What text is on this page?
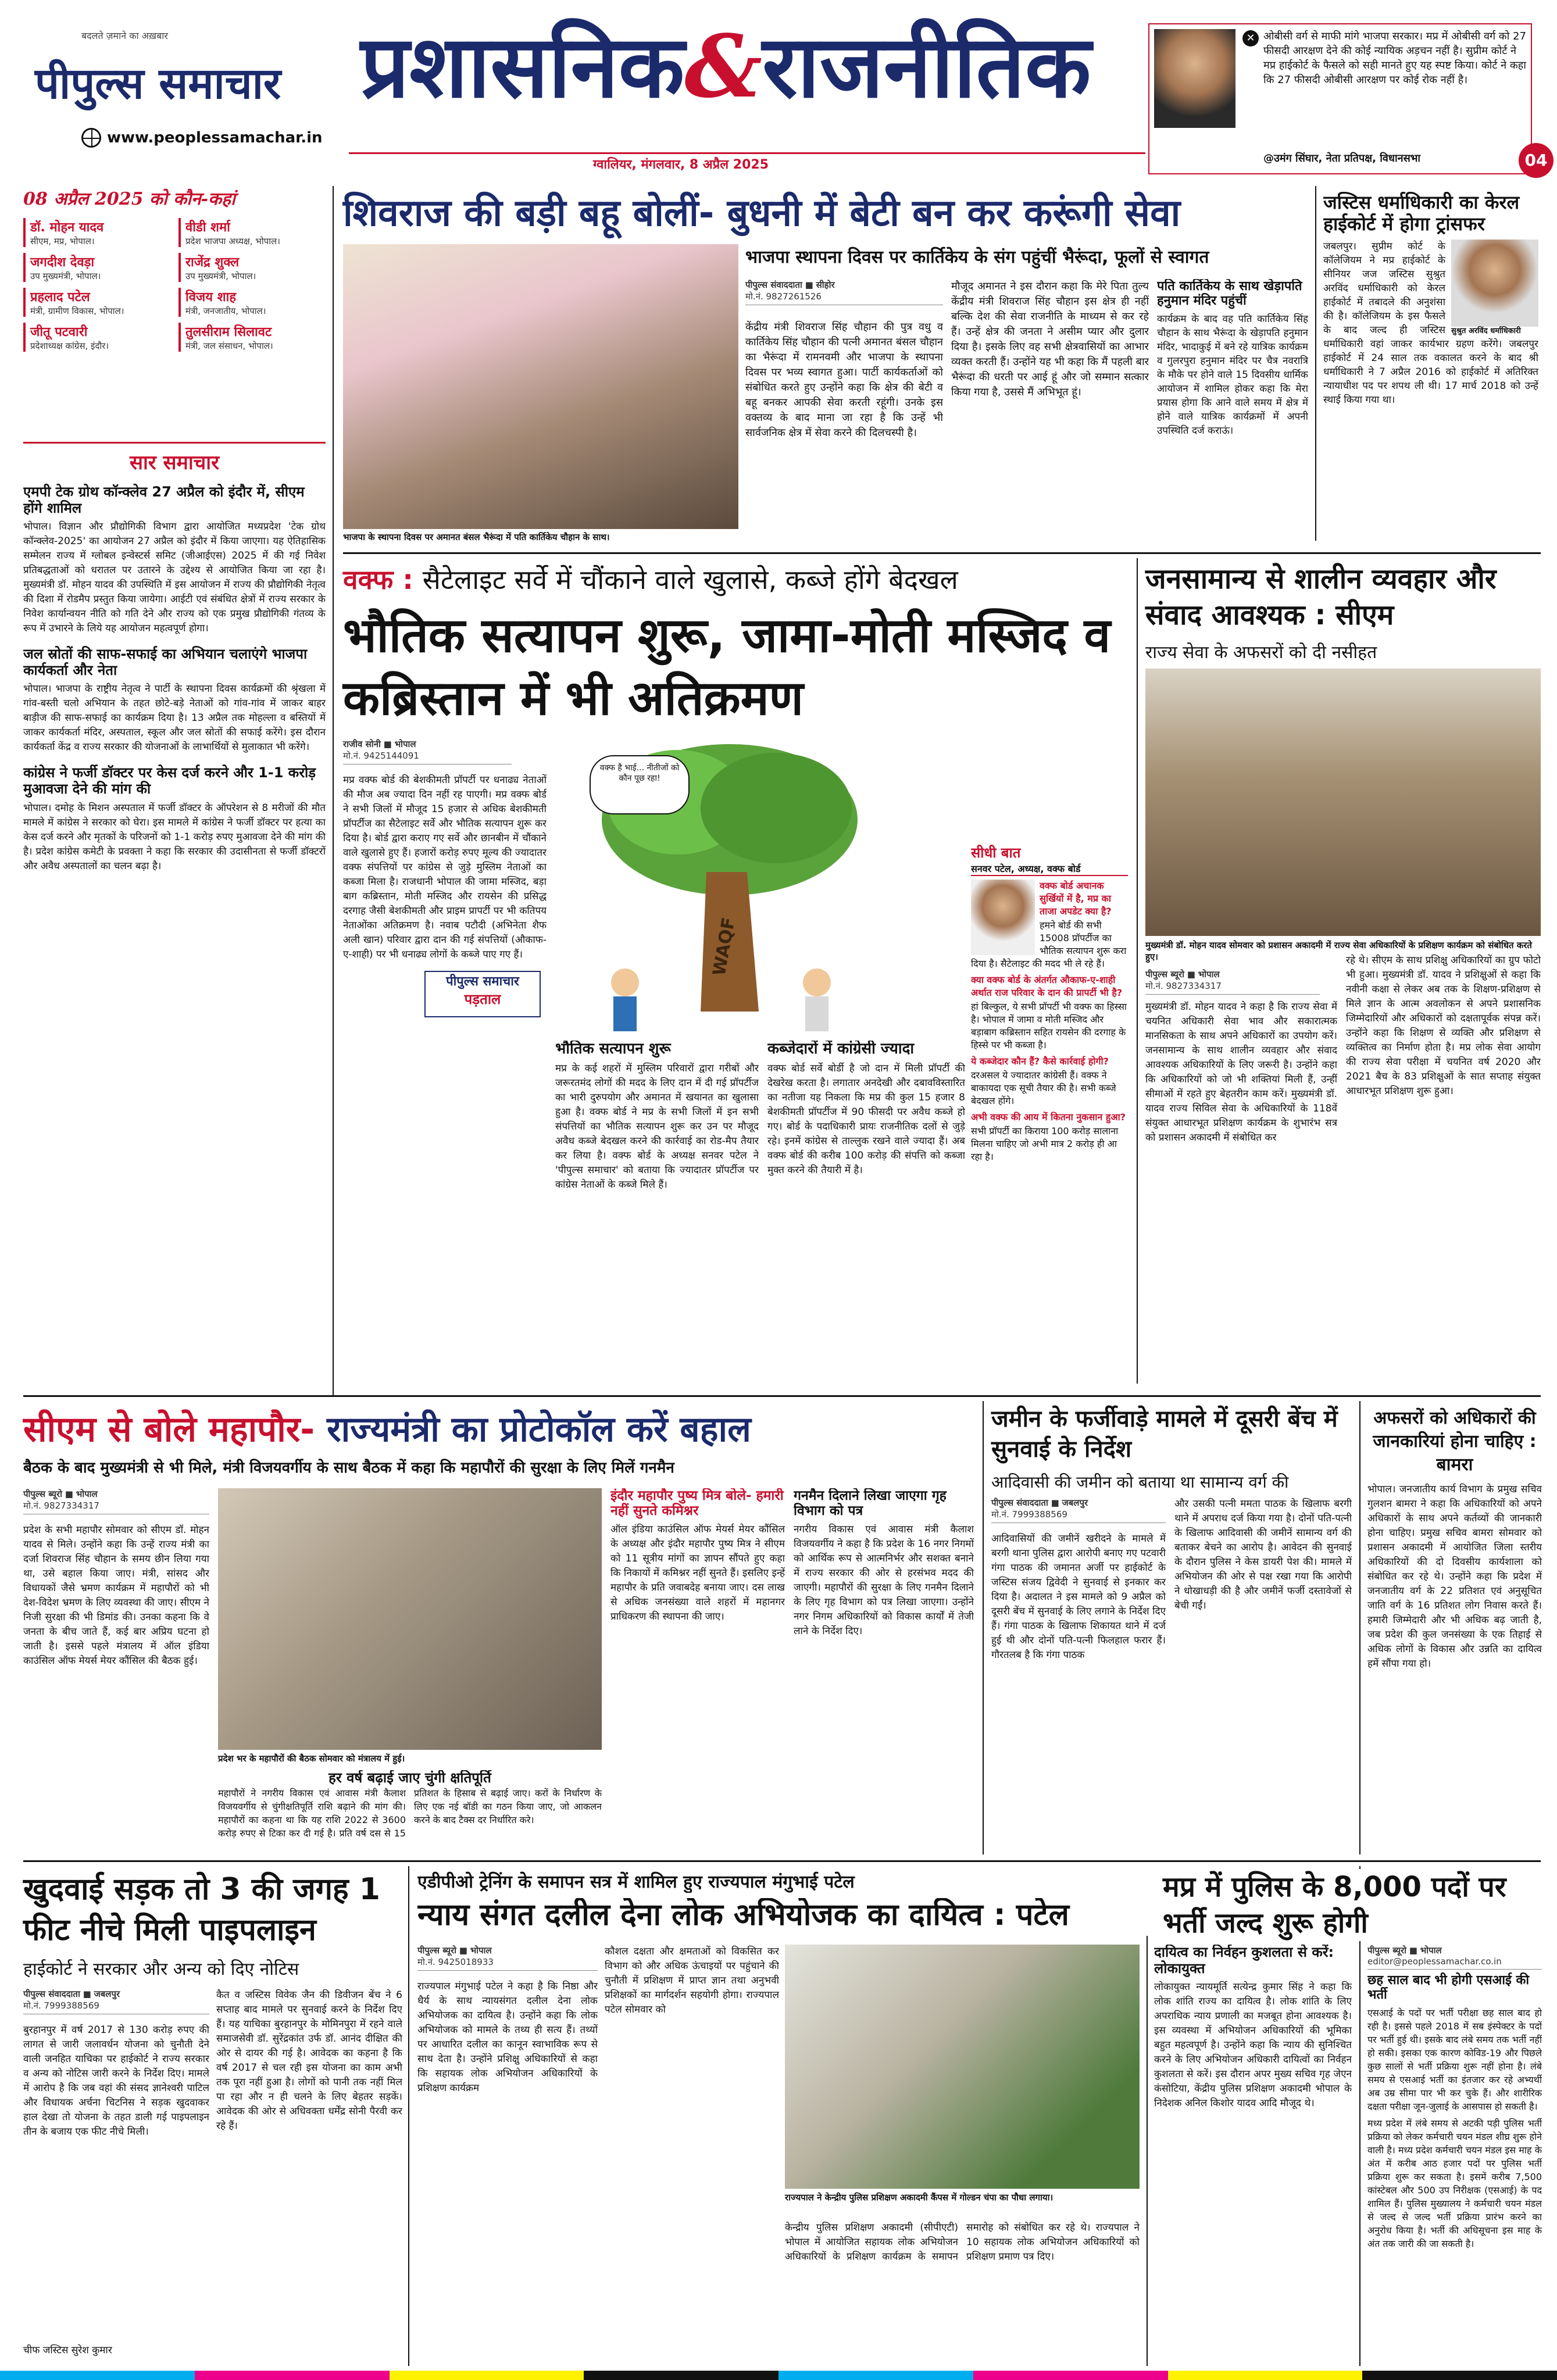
बदलते ज़माने का अख़बार
पीपुल्स समाचार
www.peoplessamachar.in
प्रशासनिक&राजनीतिक
ग्वालियर, मंगलवार, 8 अप्रैल 2025
✕ ओबीसी वर्ग से माफी मांगे भाजपा सरकार। मप्र में ओबीसी वर्ग को 27 फीसदी आरक्षण देने की कोई न्यायिक अड़चन नहीं है। सुप्रीम कोर्ट ने मप्र हाईकोर्ट के फैसले को सही मानते हुए यह स्पष्ट किया। कोर्ट ने कहा कि 27 फीसदी ओबीसी आरक्षण पर कोई रोक नहीं है।
@उमंग सिंघार, नेता प्रतिपक्ष, विधानसभा	04
08 अप्रैल 2025 को कौन-कहां
डॉ. मोहन यादव
सीएम, मप्र, भोपाल।
वीडी शर्मा
प्रदेश भाजपा अध्यक्ष, भोपाल।
जगदीश देवड़ा
उप मुख्यमंत्री, भोपाल।
राजेंद्र शुक्ल
उप मुख्यमंत्री, भोपाल।
प्रहलाद पटेल
मंत्री, ग्रामीण विकास, भोपाल।
विजय शाह
मंत्री, जनजातीय, भोपाल।
जीतू पटवारी
प्रदेशाध्यक्ष कांग्रेस, इंदौर।
तुलसीराम सिलावट
मंत्री, जल संसाधन, भोपाल।
सार समाचार
एमपी टेक ग्रोथ कॉन्क्लेव 27 अप्रैल को इंदौर में, सीएम होंगे शामिल
भोपाल। विज्ञान और प्रौद्योगिकी विभाग द्वारा आयोजित मध्यप्रदेश 'टेक ग्रोथ कॉन्क्लेव-2025' का आयोजन 27 अप्रैल को इंदौर में किया जाएगा। यह ऐतिहासिक सम्मेलन राज्य में ग्लोबल इन्वेस्टर्स समिट (जीआईएस) 2025 में की गई निवेश प्रतिबद्धताओं को धरातल पर उतारने के उद्देश्य से आयोजित किया जा रहा है। मुख्यमंत्री डॉ. मोहन यादव की उपस्थिति में इस आयोजन में राज्य की प्रौद्योगिकी नेतृत्व की दिशा में रोडमैप प्रस्तुत किया जायेगा। आईटी एवं संबंधित क्षेत्रों में राज्य सरकार के निवेश कार्यान्वयन नीति को गति देने और राज्य को एक प्रमुख प्रौद्योगिकी गंतव्य के रूप में उभारने के लिये यह आयोजन महत्वपूर्ण होगा।
जल स्रोतों की साफ-सफाई का अभियान चलाएंगे भाजपा कार्यकर्ता और नेता
भोपाल। भाजपा के राष्ट्रीय नेतृत्व ने पार्टी के स्थापना दिवस कार्यक्रमों की श्रृंखला में गांव-बस्ती चलो अभियान के तहत छोटे-बड़े नेताओं को गांव-गांव में जाकर बाहर बाड़ीज की साफ-सफाई का कार्यक्रम दिया है। 13 अप्रैल तक मोहल्ला व बस्तियों में जाकर कार्यकर्ता मंदिर, अस्पताल, स्कूल और जल स्रोतों की सफाई करेंगे। इस दौरान कार्यकर्ता केंद्र व राज्य सरकार की योजनाओं के लाभार्थियों से मुलाकात भी करेंगे।
कांग्रेस ने फर्जी डॉक्टर पर केस दर्ज करने और 1-1 करोड़ मुआवजा देने की मांग की
भोपाल। दमोह के मिशन अस्पताल में फर्जी डॉक्टर के ऑपरेशन से 8 मरीजों की मौत मामले में कांग्रेस ने सरकार को घेरा। इस मामले में कांग्रेस ने फर्जी डॉक्टर पर हत्या का केस दर्ज करने और मृतकों के परिजनों को 1-1 करोड़ रुपए मुआवजा देने की मांग की है। प्रदेश कांग्रेस कमेटी के प्रवक्ता ने कहा कि सरकार की उदासीनता से फर्जी डॉक्टरों और अवैध अस्पतालों का चलन बढ़ा है।
शिवराज की बड़ी बहू बोलीं- बुधनी में बेटी बन कर करूंगी सेवा
भाजपा के स्थापना दिवस पर अमानत बंसल भैरूंदा में पति कार्तिकेय चौहान के साथ।
भाजपा स्थापना दिवस पर कार्तिकेय के संग पहुंचीं भैरूंदा, फूलों से स्वागत
पीपुल्स संवाददाता ■ सीहोर
मो.नं. 9827261526
केंद्रीय मंत्री शिवराज सिंह चौहान की पुत्र वधु व कार्तिकेय सिंह चौहान की पत्नी अमानत बंसल चौहान का भैरूंदा में रामनवमी और भाजपा के स्थापना दिवस पर भव्य स्वागत हुआ। पार्टी कार्यकर्ताओं को संबोधित करते हुए उन्होंने कहा कि क्षेत्र की बेटी व बहू बनकर आपकी सेवा करती रहूंगी। उनके इस वक्तव्य के बाद माना जा रहा है कि उन्हें भी सार्वजनिक क्षेत्र में सेवा करने की दिलचस्पी है।
मौजूद अमानत ने इस दौरान कहा कि मेरे पिता तुल्य केंद्रीय मंत्री शिवराज सिंह चौहान इस क्षेत्र ही नहीं बल्कि देश की सेवा राजनीति के माध्यम से कर रहे हैं। उन्हें क्षेत्र की जनता ने असीम प्यार और दुलार दिया है। इसके लिए वह सभी क्षेत्रवासियों का आभार व्यक्त करती हैं। उन्होंने यह भी कहा कि मैं पहली बार भैरूंदा की धरती पर आई हूं और जो सम्मान सत्कार किया गया है, उससे मैं अभिभूत हूं।
पति कार्तिकेय के साथ खेड़ापति हनुमान मंदिर पहुंचीं
कार्यक्रम के बाद वह पति कार्तिकेय सिंह चौहान के साथ भैरूंदा के खेड़ापति हनुमान मंदिर, भादाकुई में बने रहे यात्रिक कार्यक्रम व गुलरपुरा हनुमान मंदिर पर चैत्र नवरात्रि के मौके पर होने वाले 15 दिवसीय धार्मिक आयोजन में शामिल होकर कहा कि मेरा प्रयास होगा कि आने वाले समय में क्षेत्र में होने वाले यात्रिक कार्यक्रमों में अपनी उपस्थिति दर्ज कराऊं।
जस्टिस धर्माधिकारी का केरल हाईकोर्ट में होगा ट्रांसफर
सुश्रुत अरविंद धर्माधिकारी
जबलपुर। सुप्रीम कोर्ट के कॉलेजियम ने मप्र हाईकोर्ट के सीनियर जज जस्टिस सुश्रुत अरविंद धर्माधिकारी को केरल हाईकोर्ट में तबादले की अनुशंसा की है। कॉलेजियम के इस फैसले के बाद जल्द ही जस्टिस धर्माधिकारी वहां जाकर कार्यभार ग्रहण करेंगे। जबलपुर हाईकोर्ट में 24 साल तक वकालत करने के बाद श्री धर्माधिकारी ने 7 अप्रैल 2016 को हाईकोर्ट में अतिरिक्त न्यायाधीश पद पर शपथ ली थी। 17 मार्च 2018 को उन्हें स्थाई किया गया था।
वक्फ : सैटेलाइट सर्वे में चौंकाने वाले खुलासे, कब्जे होंगे बेदखल
भौतिक सत्यापन शुरू, जामा-मोती मस्जिद व कब्रिस्तान में भी अतिक्रमण
राजीव सोनी ■ भोपाल
मो.नं. 9425144091
पीपुल्स समाचार
पड़ताल
मप्र वक्फ बोर्ड की बेशकीमती प्रॉपर्टी पर धनाढ्य नेताओं की मौज अब ज्यादा दिन नहीं रह पाएगी। मप्र वक्फ बोर्ड ने सभी जिलों में मौजूद 15 हजार से अधिक बेशकीमती प्रॉपर्टीज का सैटेलाइट सर्वे और भौतिक सत्यापन शुरू कर दिया है। बोर्ड द्वारा कराए गए सर्वे और छानबीन में चौंकाने वाले खुलासे हुए हैं। हजारों करोड़ रुपए मूल्य की ज्यादातर वक्फ संपत्तियों पर कांग्रेस से जुड़े मुस्लिम नेताओं का कब्जा मिला है। राजधानी भोपाल की जामा मस्जिद, बड़ा बाग कब्रिस्तान, मोती मस्जिद और रायसेन की प्रसिद्ध दरगाह जैसी बेशकीमती और प्राइम प्रापर्टी पर भी कतिपय नेताओंका अतिक्रमण है। नवाब पटौदी (अभिनेता शैफ अली खान) परिवार द्वारा दान की गई संपत्तियों (औकाफ-ए-शाही) पर भी धनाढ्य लोगों के कब्जे पाए गए हैं।	WAQF
वक्फ है भाई... नीतीजों को कौन पूछ रहा!
भौतिक सत्यापन शुरू
मप्र के कई शहरों में मुस्लिम परिवारों द्वारा गरीबों और जरूरतमंद लोगों की मदद के लिए दान में दी गई प्रॉपर्टीज का भारी दुरुपयोग और अमानत में खयानत का खुलासा हुआ है। वक्फ बोर्ड ने मप्र के सभी जिलों में इन सभी संपत्तियों का भौतिक सत्यापन शुरू कर उन पर मौजूद अवैध कब्जे बेदखल करने की कार्रवाई का रोड-मैप तैयार कर लिया है। वक्फ बोर्ड के अध्यक्ष सनवर पटेल ने 'पीपुल्स समाचार' को बताया कि ज्यादातर प्रॉपर्टीज पर कांग्रेस नेताओं के कब्जे मिले हैं।
कब्जेदारों में कांग्रेसी ज्यादा
वक्फ बोर्ड सर्वे बोर्डी है जो दान में मिली प्रॉपर्टी की देखरेख करता है। लगातार अनदेखी और दबावविस्तारित का नतीजा यह निकला कि मप्र की कुल 15 हजार 8 बेशकीमती प्रॉपर्टीज में 90 फीसदी पर अवैध कब्जे हो गए। बोर्ड के पदाधिकारी प्रायः राजनीतिक दलों से जुड़े रहे। इनमें कांग्रेस से ताल्लुक रखने वाले ज्यादा हैं। अब वक्फ बोर्ड की करीब 100 करोड़ की संपत्ति को कब्जा मुक्त करने की तैयारी में है।
सीधी बात
सनवर पटेल, अध्यक्ष, वक्फ बोर्ड
वक्फ बोर्ड अचानक सुर्खियों में है, मप्र का ताजा अपडेट क्या है?
हमने बोर्ड की सभी 15008 प्रॉपर्टीज का भौतिक सत्यापन शुरू करा दिया है। सैटेलाइट की मदद भी ले रहे हैं।
क्या वक्फ बोर्ड के अंतर्गत औकाफ-ए-शाही अर्थात राज परिवार के दान की प्रापर्टी भी है?
हां बिल्कुल, ये सभी प्रॉपर्टी भी वक्फ का हिस्सा है। भोपाल में जामा व मोती मस्जिद और बड़ाबाग कब्रिस्तान सहित रायसेन की दरगाह के हिस्से पर भी कब्जा है।
ये कब्जेदार कौन हैं? कैसे कार्रवाई होगी?
दरअसल ये ज्यादातर कांग्रेसी हैं। वक्फ ने बाकायदा एक सूची तैयार की है। सभी कब्जे बेदखल होंगे।
अभी वक्फ की आय में कितना नुकसान हुआ?
सभी प्रॉपर्टी का किराया 100 करोड़ सालाना मिलना चाहिए जो अभी मात्र 2 करोड़ ही आ रहा है।
जनसामान्य से शालीन व्यवहार और संवाद आवश्यक : सीएम
राज्य सेवा के अफसरों को दी नसीहत
मुख्यमंत्री डॉ. मोहन यादव सोमवार को प्रशासन अकादमी में राज्य सेवा अधिकारियों के प्रशिक्षण कार्यक्रम को संबोधित करते हुए।
पीपुल्स ब्यूरो ■ भोपाल
मो.नं. 9827334317
मुख्यमंत्री डॉ. मोहन यादव ने कहा है कि राज्य सेवा में चयनित अधिकारी सेवा भाव और सकारात्मक मानसिकता के साथ अपने अधिकारों का उपयोग करें। जनसामान्य के साथ शालीन व्यवहार और संवाद आवश्यक अधिकारियों के लिए जरूरी है। उन्होंने कहा कि अधिकारियों को जो भी शक्तियां मिली हैं, उन्हीं सीमाओं में रहते हुए बेहतरीन काम करें। मुख्यमंत्री डॉ. यादव राज्य सिविल सेवा के अधिकारियों के 118वें संयुक्त आधारभूत प्रशिक्षण कार्यक्रम के शुभारंभ सत्र को प्रशासन अकादमी में संबोधित कर
रहे थे। सीएम के साथ प्रशिक्षु अधिकारियों का ग्रुप फोटो भी हुआ। मुख्यमंत्री डॉ. यादव ने प्रशिक्षुओं से कहा कि नवीनी कक्षा से लेकर अब तक के शिक्षण-प्रशिक्षण से मिले ज्ञान के आत्म अवलोकन से अपने प्रशासनिक जिम्मेदारियों और अधिकारों को दक्षतापूर्वक संपन्न करें। उन्होंने कहा कि शिक्षण से व्यक्ति और प्रशिक्षण से व्यक्तित्व का निर्माण होता है। मप्र लोक सेवा आयोग की राज्य सेवा परीक्षा में चयनित वर्ष 2020 और 2021 बैच के 83 प्रशिक्षुओं के सात सप्ताह संयुक्त आधारभूत प्रशिक्षण शुरू हुआ।
सीएम से बोले महापौर- राज्यमंत्री का प्रोटोकॉल करें बहाल
बैठक के बाद मुख्यमंत्री से भी मिले, मंत्री विजयवर्गीय के साथ बैठक में कहा कि महापौरों की सुरक्षा के लिए मिलें गनमैन
पीपुल्स ब्यूरो ■ भोपाल
मो.नं. 9827334317
प्रदेश के सभी महापौर सोमवार को सीएम डॉ. मोहन यादव से मिले। उन्होंने कहा कि उन्हें राज्य मंत्री का दर्जा शिवराज सिंह चौहान के समय छीन लिया गया था, उसे बहाल किया जाए। मंत्री, सांसद और विधायकों जैसे भ्रमण कार्यक्रम में महापौरों को भी देश-विदेश भ्रमण के लिए व्यवस्था की जाए। सीएम ने निजी सुरक्षा की भी डिमांड की। उनका कहना कि वे जनता के बीच जाते हैं, कई बार अप्रिय घटना हो जाती है। इससे पहले मंत्रालय में ऑल इंडिया काउंसिल ऑफ मेयर्स मेयर कौंसिल की बैठक हुई।
प्रदेश भर के महापौरों की बैठक सोमवार को मंत्रालय में हुई।
हर वर्ष बढ़ाई जाए चुंगी क्षतिपूर्ति
महापौरों ने नगरीय विकास एवं आवास मंत्री कैलाश विजयवर्गीय से चुंगीक्षतिपूर्ति राशि बढ़ाने की मांग की। महापौरों का कहना था कि यह राशि 2022 से 3600 करोड़ रुपए से टिका कर दी गई है। प्रति वर्ष दस से 15 प्रतिशत के हिसाब से बढ़ाई जाए। करों के निर्धारण के लिए एक नई बॉडी का गठन किया जाए, जो आकलन करने के बाद टैक्स दर निर्धारित करे।
इंदौर महापौर पुष्य मित्र बोले- हमारी नहीं सुनते कमिश्नर
ऑल इंडिया काउंसिल ऑफ मेयर्स मेयर कौंसिल के अध्यक्ष और इंदौर महापौर पुष्य मित्र ने सीएम को 11 सूत्रीय मांगों का ज्ञापन सौंपते हुए कहा कि निकायों में कमिश्नर नहीं सुनते हैं। इसलिए इन्हें महापौर के प्रति जवाबदेह बनाया जाए। दस लाख से अधिक जनसंख्या वाले शहरों में महानगर प्राधिकरण की स्थापना की जाए।
गनमैन दिलाने लिखा जाएगा गृह विभाग को पत्र
नगरीय विकास एवं आवास मंत्री कैलाश विजयवर्गीय ने कहा है कि प्रदेश के 16 नगर निगमों को आर्थिक रूप से आत्मनिर्भर और सशक्त बनाने में राज्य सरकार की ओर से हरसंभव मदद की जाएगी। महापौरों की सुरक्षा के लिए गनमैन दिलाने के लिए गृह विभाग को पत्र लिखा जाएगा। उन्होंने नगर निगम अधिकारियों को विकास कार्यों में तेजी लाने के निर्देश दिए।
जमीन के फर्जीवाड़े मामले में दूसरी बेंच में सुनवाई के निर्देश
आदिवासी की जमीन को बताया था सामान्य वर्ग की
पीपुल्स संवाददाता ■ जबलपुर
मो.नं. 7999388569
आदिवासियों की जमीनें खरीदने के मामले में बरगी थाना पुलिस द्वारा आरोपी बनाए गए पटवारी गंगा पाठक की जमानत अर्जी पर हाईकोर्ट के जस्टिस संजय द्विवेदी ने सुनवाई से इनकार कर दिया है। अदालत ने इस मामले को 9 अप्रैल को दूसरी बेंच में सुनवाई के लिए लगाने के निर्देश दिए हैं। गंगा पाठक के खिलाफ शिकायत थाने में दर्ज हुई थी और दोनों पति-पत्नी फिलहाल फरार हैं। गौरतलब है कि गंगा पाठक
और उसकी पत्नी ममता पाठक के खिलाफ बरगी थाने में अपराध दर्ज किया गया है। दोनों पति-पत्नी के खिलाफ आदिवासी की जमीनें सामान्य वर्ग की बताकर बेचने का आरोप है। आवेदन की सुनवाई के दौरान पुलिस ने केस डायरी पेश की। मामले में अभियोजन की ओर से पक्ष रखा गया कि आरोपी ने धोखाधड़ी की है और जमीनें फर्जी दस्तावेजों से बेची गईं।
अफसरों को अधिकारों की जानकारियां होना चाहिए : बामरा
भोपाल। जनजातीय कार्य विभाग के प्रमुख सचिव गुलशन बामरा ने कहा कि अधिकारियों को अपने अधिकारों के साथ अपने कर्तव्यों की जानकारी होना चाहिए। प्रमुख सचिव बामरा सोमवार को प्रशासन अकादमी में आयोजित जिला स्तरीय अधिकारियों की दो दिवसीय कार्यशाला को संबोधित कर रहे थे। उन्होंने कहा कि प्रदेश में जनजातीय वर्ग के 22 प्रतिशत एवं अनुसूचित जाति वर्ग के 16 प्रतिशत लोग निवास करते हैं। हमारी जिम्मेदारी और भी अधिक बढ़ जाती है, जब प्रदेश की कुल जनसंख्या के एक तिहाई से अधिक लोगों के विकास और उन्नति का दायित्व हमें सौंपा गया हो।
खुदवाई सड़क तो 3 की जगह 1 फीट नीचे मिली पाइपलाइन
हाईकोर्ट ने सरकार और अन्य को दिए नोटिस
पीपुल्स संवाददाता ■ जबलपुर
मो.नं. 7999388569
बुरहानपुर में वर्ष 2017 से 130 करोड़ रुपए की लागत से जारी जलावर्धन योजना को चुनौती देने वाली जनहित याचिका पर हाईकोर्ट ने राज्य सरकार व अन्य को नोटिस जारी करने के निर्देश दिए। मामले में आरोप है कि जब वहां की संसद ज्ञानेश्वरी पाटिल और विधायक अर्चना चिटनिस ने सड़क खुदवाकर हाल देखा तो योजना के तहत डाली गई पाइपलाइन तीन के बजाय एक फीट नीचे मिली।
कैत व जस्टिस विवेक जैन की डिवीजन बेंच ने 6 सप्ताह बाद मामले पर सुनवाई करने के निर्देश दिए हैं। यह याचिका बुरहानपुर के मोमिनपुरा में रहने वाले समाजसेवी डॉ. सुरेंद्रकांत उर्फ डॉ. आनंद दीक्षित की ओर से दायर की गई है। आवेदक का कहना है कि वर्ष 2017 से चल रही इस योजना का काम अभी तक पूरा नहीं हुआ है। लोगों को पानी तक नहीं मिल पा रहा और न ही चलने के लिए बेहतर सड़कें। आवेदक की ओर से अधिवक्ता धर्मेंद्र सोनी पैरवी कर रहे हैं।
चीफ जस्टिस सुरेश कुमार
एडीपीओ ट्रेनिंग के समापन सत्र में शामिल हुए राज्यपाल मंगुभाई पटेल
न्याय संगत दलील देना लोक अभियोजक का दायित्व : पटेल
पीपुल्स ब्यूरो ■ भोपाल
मो.नं. 9425018933
राज्यपाल मंगुभाई पटेल ने कहा है कि निष्ठा और धैर्य के साथ न्यायसंगत दलील देना लोक अभियोजक का दायित्व है। उन्होंने कहा कि लोक अभियोजक को मामले के तथ्य ही सत्य हैं। तथ्यों पर आधारित दलील का कानून स्वाभाविक रूप से साथ देता है। उन्होंने प्रशिक्षु अधिकारियों से कहा कि सहायक लोक अभियोजन अधिकारियों के प्रशिक्षण कार्यक्रम
कौशल दक्षता और क्षमताओं को विकसित कर विभाग को और अधिक ऊंचाइयों पर पहुंचाने की चुनौती में प्रशिक्षण में प्राप्त ज्ञान तथा अनुभवी प्रशिक्षकों का मार्गदर्शन सहयोगी होगा। राज्यपाल पटेल सोमवार को
राज्यपाल ने केन्द्रीय पुलिस प्रशिक्षण अकादमी कैंपस में गोल्डन चंपा का पौधा लगाया।
केन्द्रीय पुलिस प्रशिक्षण अकादमी (सीपीएटी) भोपाल में आयोजित सहायक लोक अभियोजन अधिकारियों के प्रशिक्षण कार्यक्रम के समापन समारोह को संबोधित कर रहे थे। राज्यपाल ने 10 सहायक लोक अभियोजन अधिकारियों को प्रशिक्षण प्रमाण पत्र दिए।
दायित्व का निर्वहन कुशलता से करें: लोकायुक्त
लोकायुक्त न्यायमूर्ति सत्येन्द्र कुमार सिंह ने कहा कि लोक शांति राज्य का दायित्व है। लोक शांति के लिए अपराधिक न्याय प्रणाली का मजबूत होना आवश्यक है। इस व्यवस्था में अभियोजन अधिकारियों की भूमिका बहुत महत्वपूर्ण है। उन्होंने कहा कि न्याय की सुनिश्चित करने के लिए अभियोजन अधिकारी दायित्वों का निर्वहन कुशलता से करें। इस दौरान अपर मुख्य सचिव गृह जेएन कंसोटिया, केंद्रीय पुलिस प्रशिक्षण अकादमी भोपाल के निदेशक अनिल किशोर यादव आदि मौजूद थे।
मप्र में पुलिस के 8,000 पदों पर भर्ती जल्द शुरू होगी
पीपुल्स ब्यूरो ■ भोपाल
editor@peoplessamachar.co.in
छह साल बाद भी होगी एसआई की भर्ती
एसआई के पदों पर भर्ती परीक्षा छह साल बाद हो रही है। इससे पहले 2018 में सब इंस्पेक्टर के पदों पर भर्ती हुई थी। इसके बाद लंबे समय तक भर्ती नहीं हो सकी। इसका एक कारण कोविड-19 और पिछले कुछ सालों से भर्ती प्रक्रिया शुरू नहीं होना है। लंबे समय से एसआई भर्ती का इंतजार कर रहे अभ्यर्थी अब उम्र सीमा पार भी कर चुके हैं। और शारीरिक दक्षता परीक्षा जून-जुलाई के आसपास हो सकती है।
मध्य प्रदेश में लंबे समय से अटकी पड़ी पुलिस भर्ती प्रक्रिया को लेकर कर्मचारी चयन मंडल शीघ्र शुरू होने वाली है। मध्य प्रदेश कर्मचारी चयन मंडल इस माह के अंत में करीब आठ हजार पदों पर पुलिस भर्ती प्रक्रिया शुरू कर सकता है। इसमें करीब 7,500 कांस्टेबल और 500 उप निरीक्षक (एसआई) के पद शामिल हैं। पुलिस मुख्यालय ने कर्मचारी चयन मंडल से जल्द से जल्द भर्ती प्रक्रिया प्रारंभ करने का अनुरोध किया है। भर्ती की अधिसूचना इस माह के अंत तक जारी की जा सकती है।
